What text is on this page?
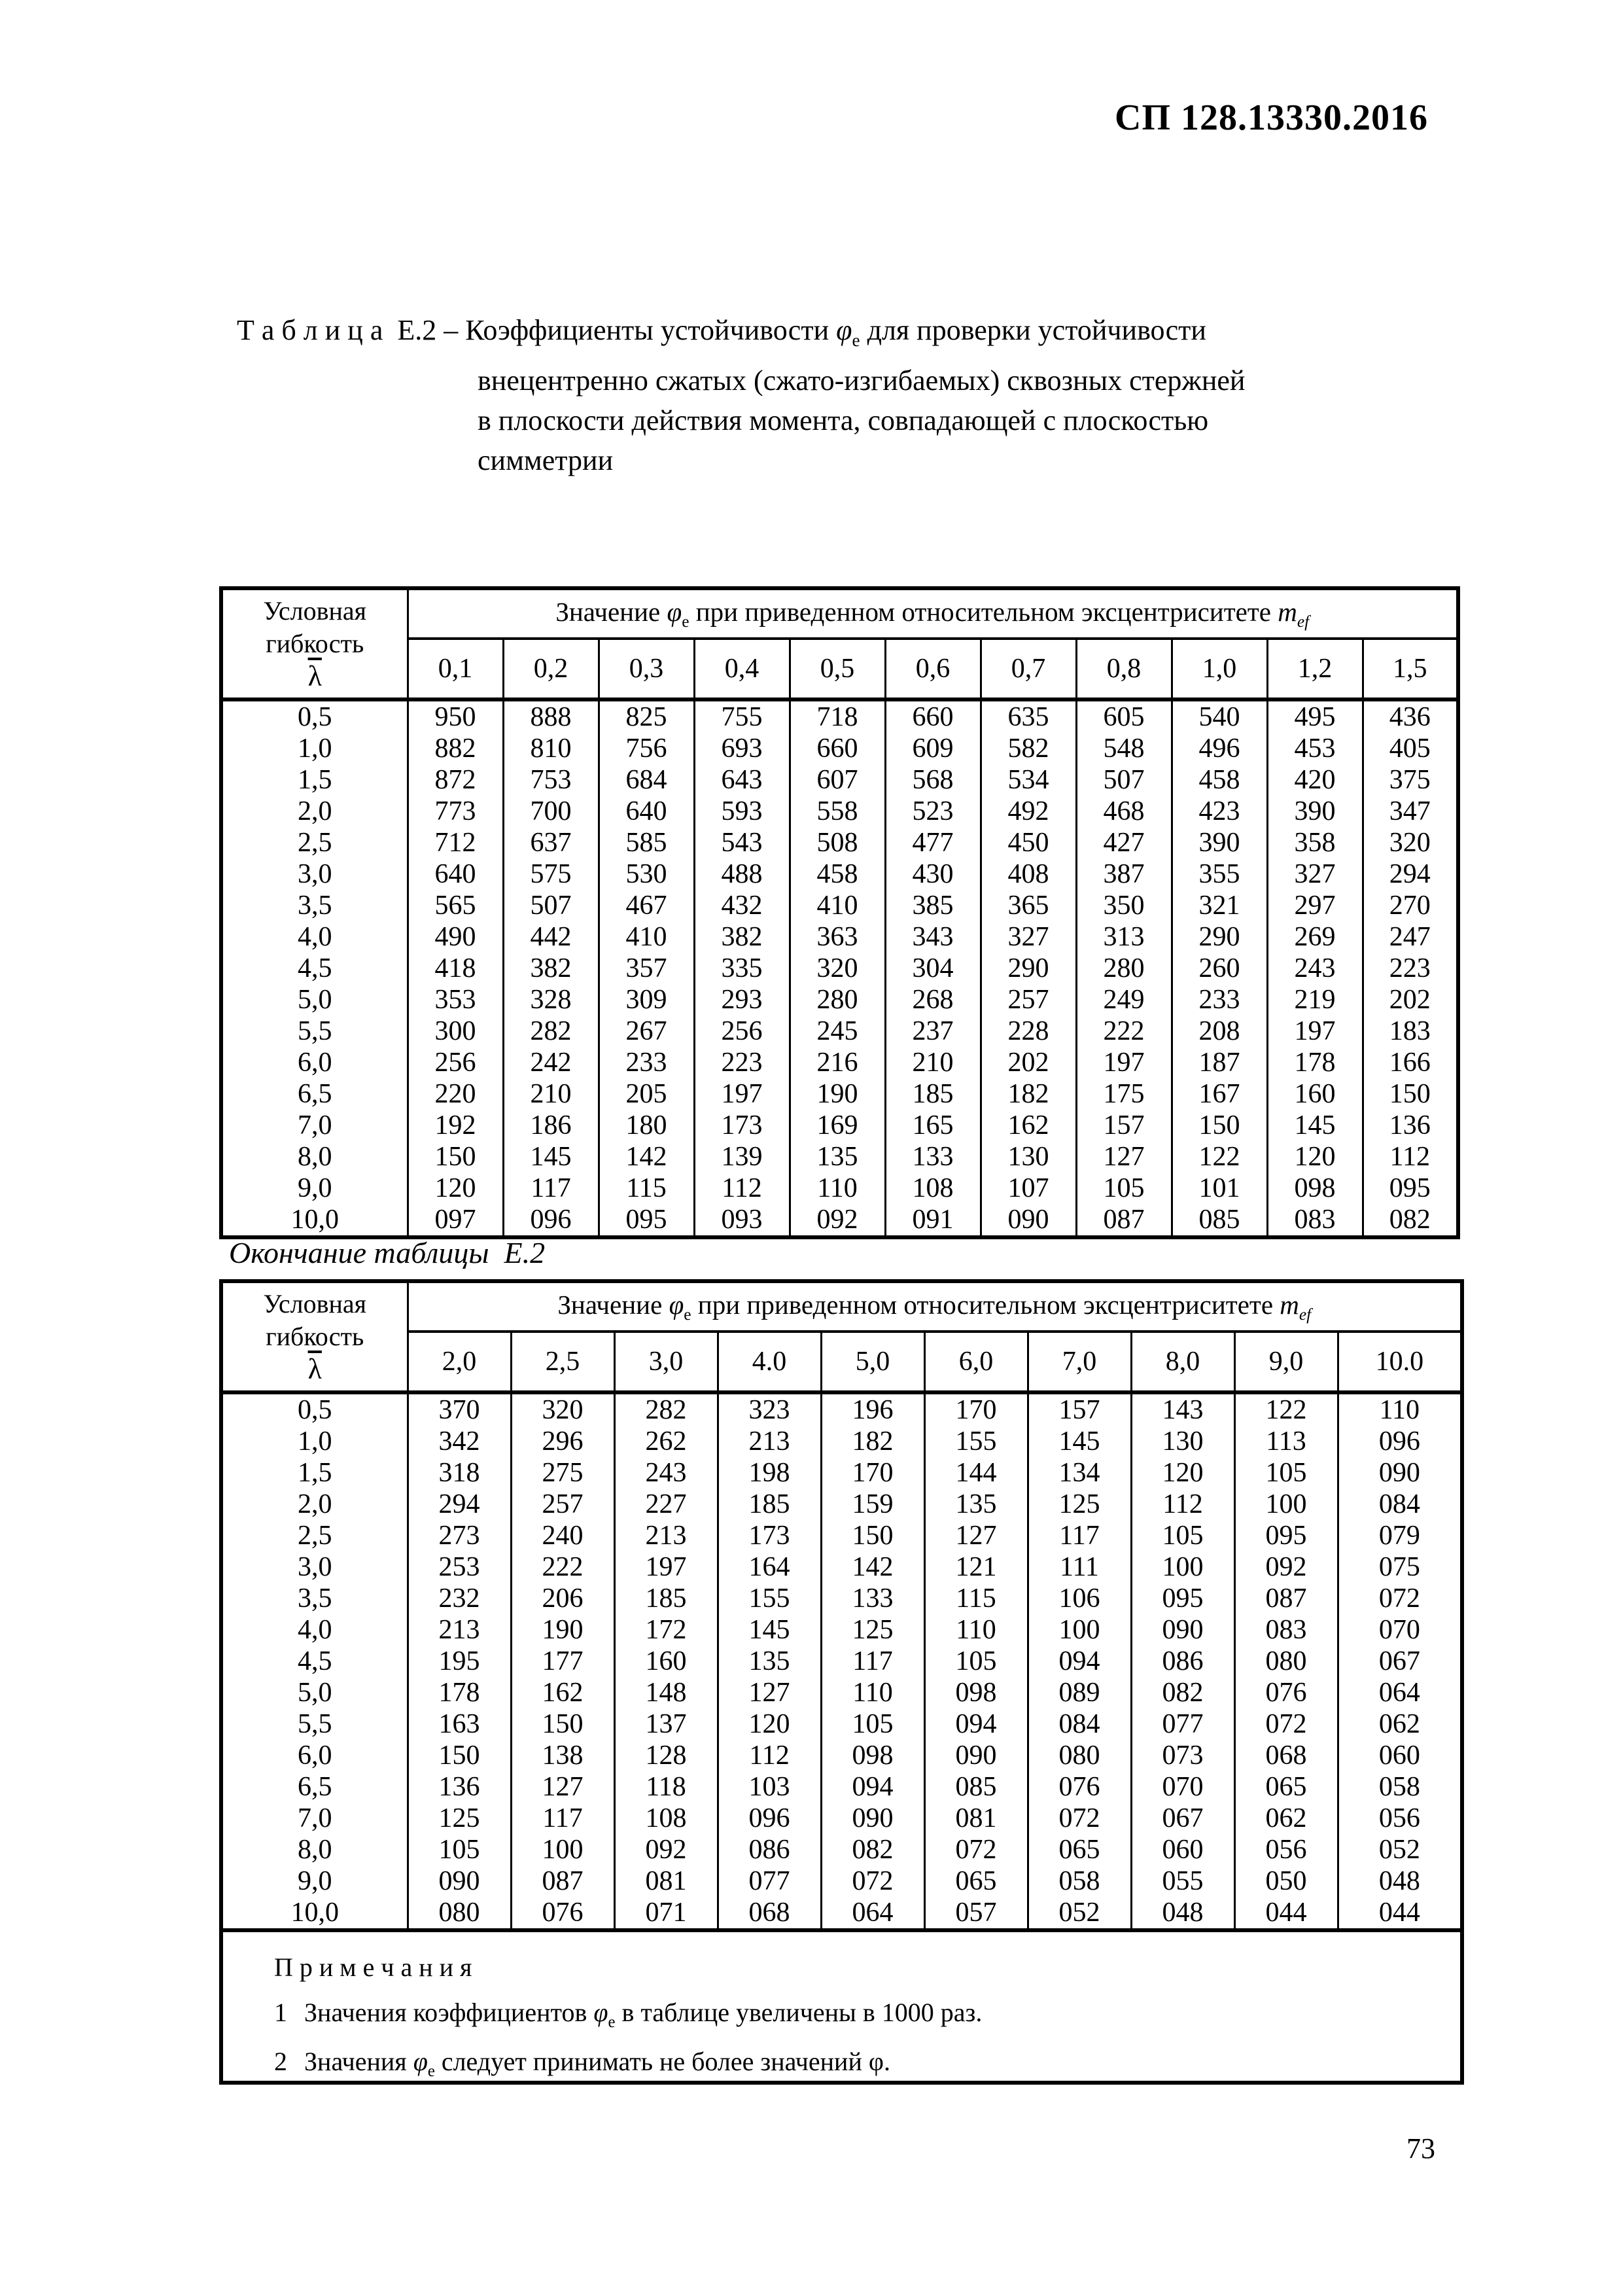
СП 128.13330.2016
Т а б л и ц а  Е.2 – Коэффициенты устойчивости $\varphi_e$ для проверки устойчивости
внецентренно сжатых (сжато-изгибаемых) сквозных стержней
в плоскости действия момента, совпадающей с плоскостью
симметрии
Условная
гибкость
$\overline{\lambda}$	Значение $\varphi_e$ при приведенном относительном эксцентриситете $m_{ef}$
	0,1	0,2	0,3	0,4	0,5	0,6	0,7	0,8	1,0	1,2	1,5
0,5	950	888	825	755	718	660	635	605	540	495	436
1,0	882	810	756	693	660	609	582	548	496	453	405
1,5	872	753	684	643	607	568	534	507	458	420	375
2,0	773	700	640	593	558	523	492	468	423	390	347
2,5	712	637	585	543	508	477	450	427	390	358	320
3,0	640	575	530	488	458	430	408	387	355	327	294
3,5	565	507	467	432	410	385	365	350	321	297	270
4,0	490	442	410	382	363	343	327	313	290	269	247
4,5	418	382	357	335	320	304	290	280	260	243	223
5,0	353	328	309	293	280	268	257	249	233	219	202
5,5	300	282	267	256	245	237	228	222	208	197	183
6,0	256	242	233	223	216	210	202	197	187	178	166
6,5	220	210	205	197	190	185	182	175	167	160	150
7,0	192	186	180	173	169	165	162	157	150	145	136
8,0	150	145	142	139	135	133	130	127	122	120	112
9,0	120	117	115	112	110	108	107	105	101	098	095
10,0	097	096	095	093	092	091	090	087	085	083	082
Окончание таблицы  Е.2
Условная
гибкость
$\overline{\lambda}$	Значение $\varphi_e$ при приведенном относительном эксцентриситете $m_{ef}$
	2,0	2,5	3,0	4.0	5,0	6,0	7,0	8,0	9,0	10.0
0,5	370	320	282	323	196	170	157	143	122	110
1,0	342	296	262	213	182	155	145	130	113	096
1,5	318	275	243	198	170	144	134	120	105	090
2,0	294	257	227	185	159	135	125	112	100	084
2,5	273	240	213	173	150	127	117	105	095	079
3,0	253	222	197	164	142	121	111	100	092	075
3,5	232	206	185	155	133	115	106	095	087	072
4,0	213	190	172	145	125	110	100	090	083	070
4,5	195	177	160	135	117	105	094	086	080	067
5,0	178	162	148	127	110	098	089	082	076	064
5,5	163	150	137	120	105	094	084	077	072	062
6,0	150	138	128	112	098	090	080	073	068	060
6,5	136	127	118	103	094	085	076	070	065	058
7,0	125	117	108	096	090	081	072	067	062	056
8,0	105	100	092	086	082	072	065	060	056	052
9,0	090	087	081	077	072	065	058	055	050	048
10,0	080	076	071	068	064	057	052	048	044	044

П р и м е ч а н и я
1 Значения коэффициентов $\varphi_e$ в таблице увеличены в 1000 раз.
2 Значения $\varphi_e$ следует принимать не более значений φ.										
73
